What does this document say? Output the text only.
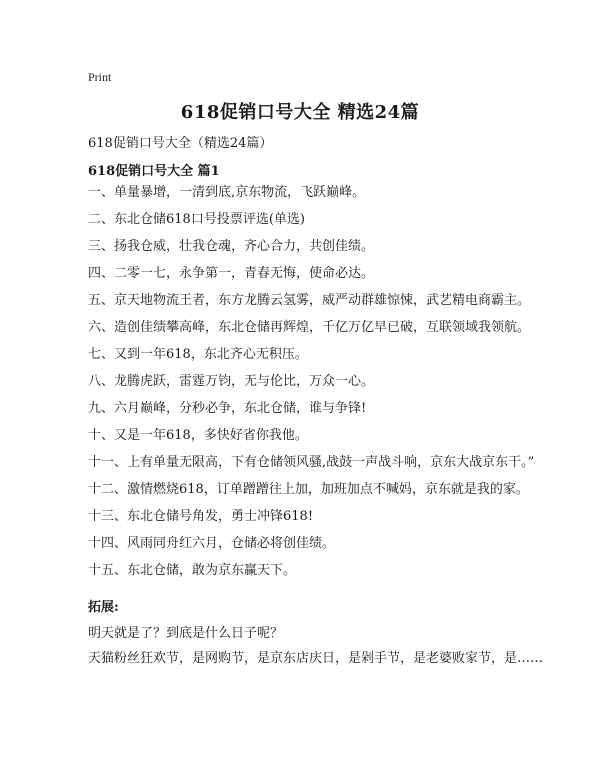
Print
618促销口号大全 精选24篇
618促销口号大全（精选24篇）
618促销口号大全 篇1
一、单量暴增，一清到底,京东物流，飞跃巅峰。
二、东北仓储618口号投票评选(单选)
三、扬我仓威，壮我仓魂，齐心合力，共创佳绩。
四、二零一七，永争第一，青春无悔，使命必达。
五、京天地物流王者，东方龙腾云氢雾，威严动群雄惊悚，武艺精电商霸主。
六、造创佳绩攀高峰，东北仓储再辉煌，千亿万亿早已破，互联领域我领航。
七、又到一年618，东北齐心无积压。
八、龙腾虎跃，雷霆万钧，无与伦比，万众一心。
九、六月巅峰，分秒必争，东北仓储，谁与争锋!
十、又是一年618，多快好省你我他。
十一、上有单量无限高，下有仓储领风骚,战鼓一声战斗响，京东大战京东干。”
十二、激情燃烧618，订单蹭蹭往上加，加班加点不喊妈，京东就是我的家。
十三、东北仓储号角发，勇士冲锋618!
十四、风雨同舟红六月，仓储必将创佳绩。
十五、东北仓储，敢为京东赢天下。
拓展:
明天就是了？到底是什么日子呢？
天猫粉丝狂欢节，是网购节，是京东店庆日，是剁手节，是老婆败家节，是……
